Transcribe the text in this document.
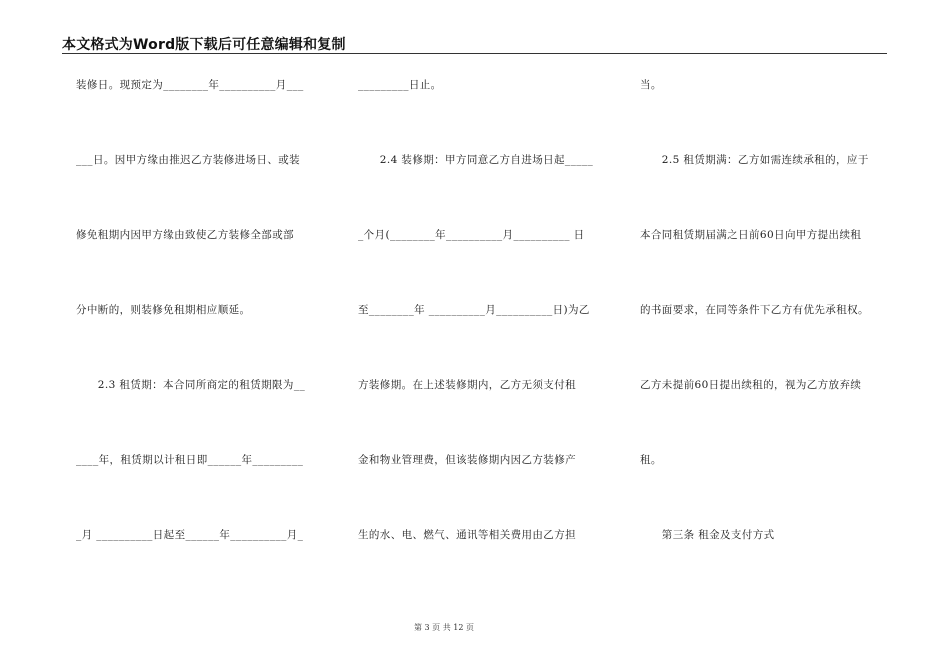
本文格式为Word版下载后可任意编辑和复制
装修日。现预定为________年__________月___
___日。因甲方缘由推迟乙方装修进场日、或装
修免租期内因甲方缘由致使乙方装修全部或部
分中断的，则装修免租期相应顺延。
　　2.3 租赁期：本合同所商定的租赁期限为__
____年，租赁期以计租日即______年_________
_月 __________日起至______年__________月_
_________日止。
　　2.4 装修期：甲方同意乙方自进场日起_____
_个月(________年__________月__________ 日
至________年 __________月__________日)为乙
方装修期。在上述装修期内，乙方无须支付租
金和物业管理费，但该装修期内因乙方装修产
生的水、电、燃气、通讯等相关费用由乙方担
当。
　　2.5 租赁期满：乙方如需连续承租的，应于
本合同租赁期届满之日前60日向甲方提出续租
的书面要求，在同等条件下乙方有优先承租权。
乙方未提前60日提出续租的，视为乙方放弃续
租。
　　第三条 租金及支付方式
第 3 页 共 12 页
